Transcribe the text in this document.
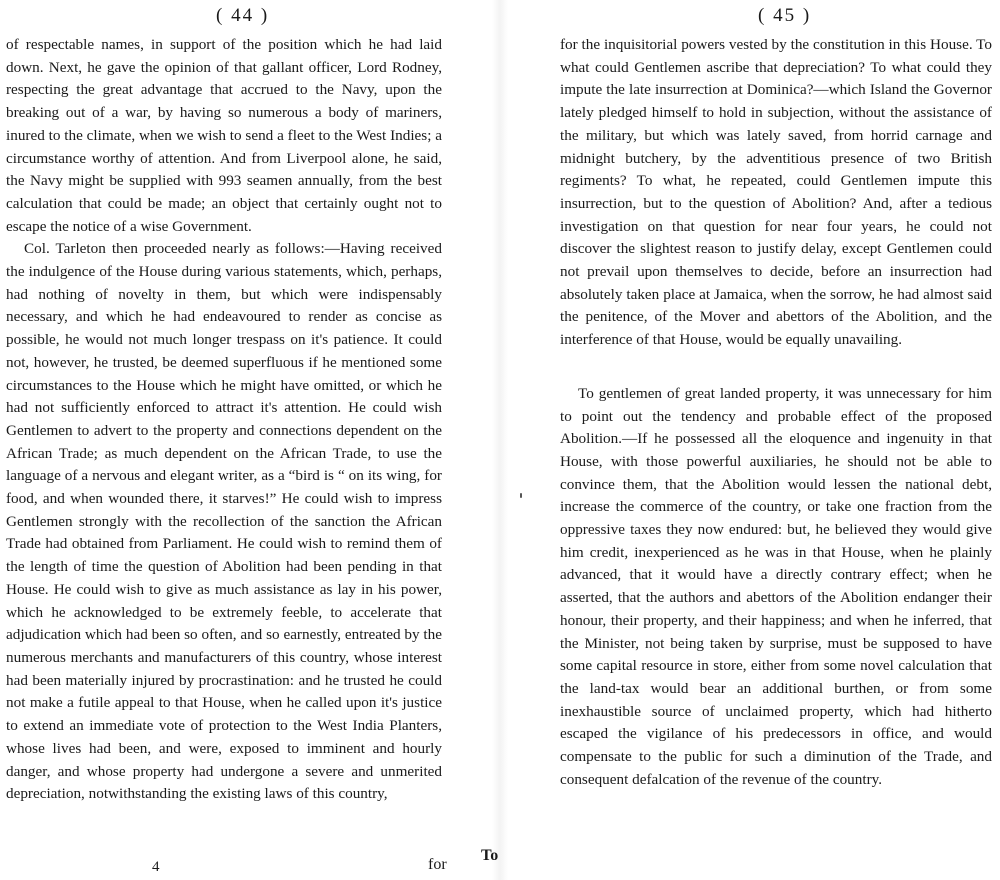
( 44 )

of respectable names, in support of the position which he had laid down. Next, he gave the opinion of that gallant officer, Lord Rodney, respecting the great advantage that accrued to the Navy, upon the breaking out of a war, by having so numerous a body of mariners, inured to the climate, when we wish to send a fleet to the West Indies; a circumstance worthy of attention. And from Liverpool alone, he said, the Navy might be supplied with 993 seamen annually, from the best calculation that could be made; an object that certainly ought not to escape the notice of a wise Government.

Col. Tarleton then proceeded nearly as follows:—Having received the indulgence of the House during various statements, which, perhaps, had nothing of novelty in them, but which were indispensably necessary, and which he had endeavoured to render as concise as possible, he would not much longer trespass on it's patience. It could not, however, he trusted, be deemed superfluous if he mentioned some circumstances to the House which he might have omitted, or which he had not sufficiently enforced to attract it's attention. He could wish Gentlemen to advert to the property and connections dependent on the African Trade; as much dependent on the African Trade, to use the language of a nervous and elegant writer, as a “bird is “ on its wing, for food, and when wounded there, it starves!” He could wish to impress Gentlemen strongly with the recollection of the sanction the African Trade had obtained from Parliament. He could wish to remind them of the length of time the question of Abolition had been pending in that House. He could wish to give as much assistance as lay in his power, which he acknowledged to be extremely feeble, to accelerate that adjudication which had been so often, and so earnestly, entreated by the numerous merchants and manufacturers of this country, whose interest had been materially injured by procrastination: and he trusted he could not make a futile appeal to that House, when he called upon it's justice to extend an immediate vote of protection to the West India Planters, whose lives had been, and were, exposed to imminent and hourly danger, and whose property had undergone a severe and unmerited depreciation, notwithstanding the existing laws of this country,

4	for
( 45 )

for the inquisitorial powers vested by the constitution in this House. To what could Gentlemen ascribe that depreciation? To what could they impute the late insurrection at Dominica?—which Island the Governor lately pledged himself to hold in subjection, without the assistance of the military, but which was lately saved, from horrid carnage and midnight butchery, by the adventitious presence of two British regiments? To what, he repeated, could Gentlemen impute this insurrection, but to the question of Abolition? And, after a tedious investigation on that question for near four years, he could not discover the slightest reason to justify delay, except Gentlemen could not prevail upon themselves to decide, before an insurrection had absolutely taken place at Jamaica, when the sorrow, he had almost said the penitence, of the Mover and abettors of the Abolition, and the interference of that House, would be equally unavailing.

To gentlemen of great landed property, it was unnecessary for him to point out the tendency and probable effect of the proposed Abolition.—If he possessed all the eloquence and ingenuity in that House, with those powerful auxiliaries, he should not be able to convince them, that the Abolition would lessen the national debt, increase the commerce of the country, or take one fraction from the oppressive taxes they now endured: but, he believed they would give him credit, inexperienced as he was in that House, when he plainly advanced, that it would have a directly contrary effect; when he asserted, that the authors and abettors of the Abolition endanger their honour, their property, and their happiness; and when he inferred, that the Minister, not being taken by surprise, must be supposed to have some capital resource in store, either from some novel calculation that the land-tax would bear an additional burthen, or from some inexhaustible source of unclaimed property, which had hitherto escaped the vigilance of his predecessors in office, and would compensate to the public for such a diminution of the Trade, and consequent defalcation of the revenue of the country.

To
